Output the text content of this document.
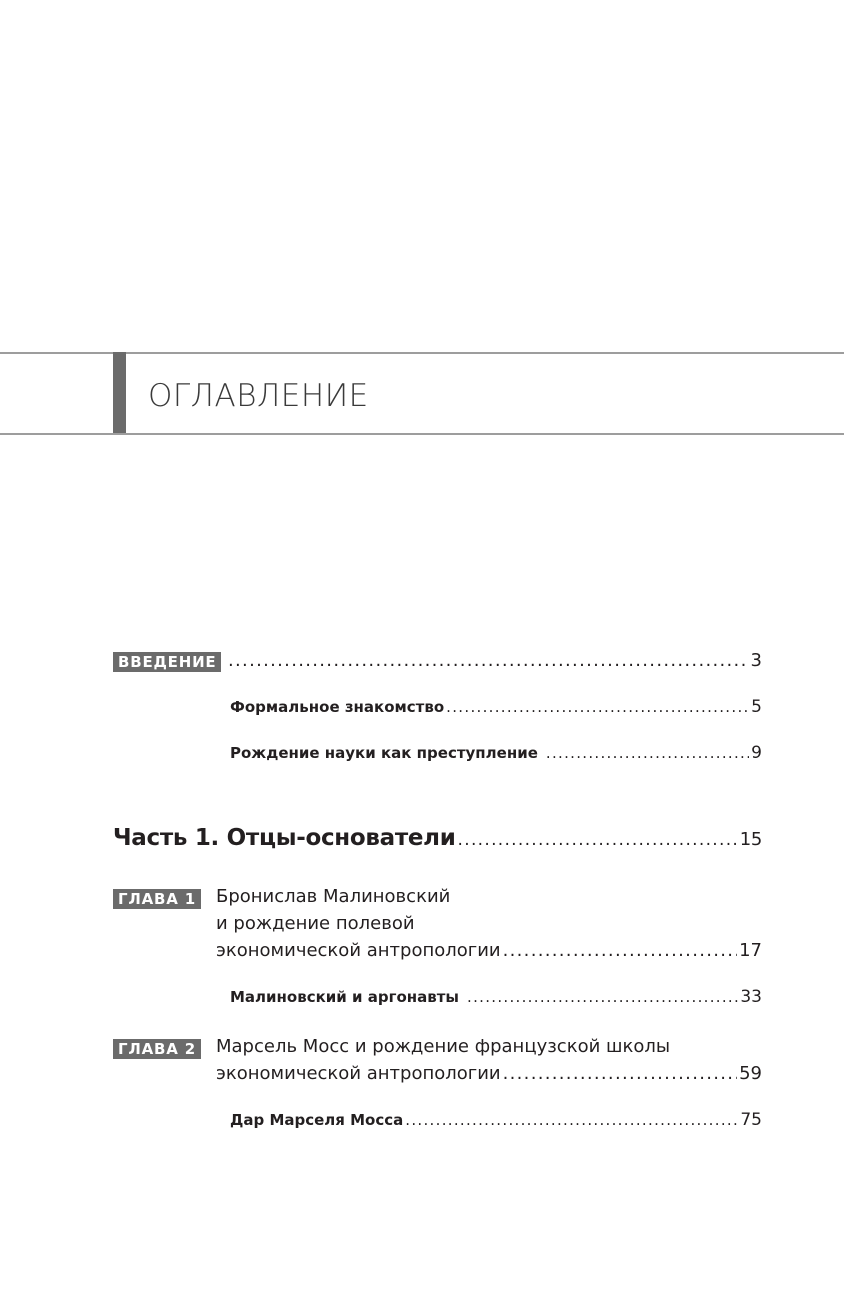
ОГЛАВЛЕНИЕ
ВВЕДЕНИЕ .....	3
Формальное знакомство .....	5
Рождение науки как преступление .....	9
Часть 1. Отцы-основатели .....	15
ГЛАВА 1 Бронислав Малиновский
и рождение полевой
экономической антропологии .....	17
Малиновский и аргонавты .....	33
ГЛАВА 2 Марсель Мосс и рождение французской школы
экономической антропологии .....	59
Дар Марселя Мосса .....	75
